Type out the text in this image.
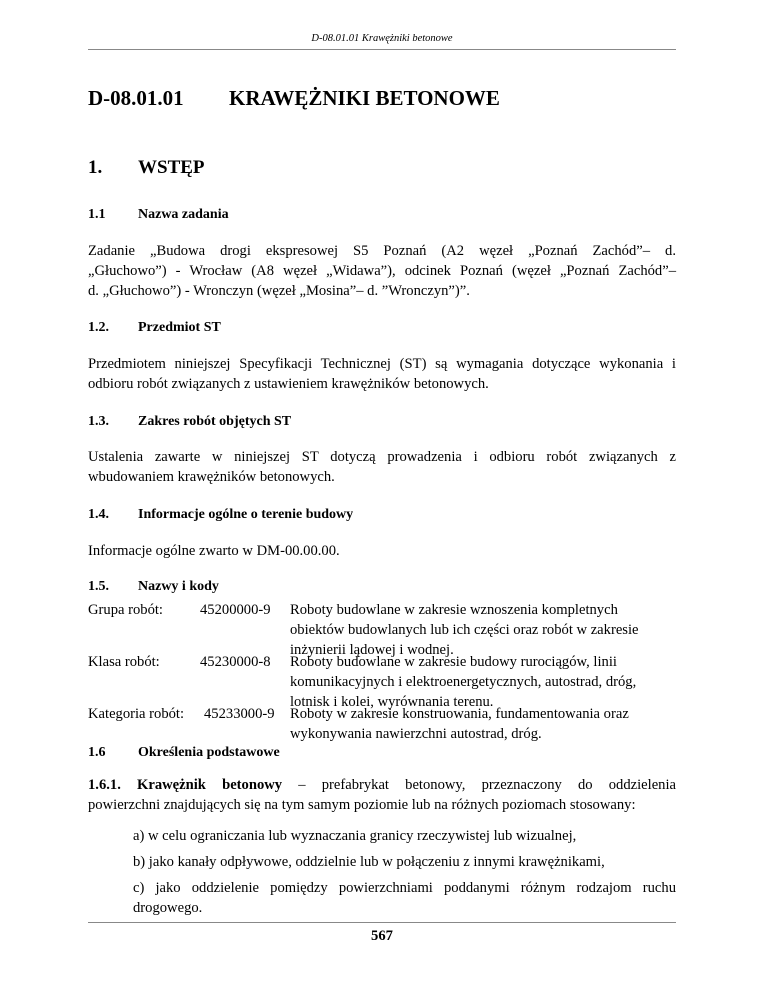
D-08.01.01 Krawężniki betonowe
D-08.01.01 KRAWĘŻNIKI BETONOWE
1. WSTĘP
1.1 Nazwa zadania
Zadanie „Budowa drogi ekspresowej S5 Poznań (A2 węzeł „Poznań Zachód”– d.
„Głuchowo”) - Wrocław (A8 węzeł „Widawa”), odcinek Poznań (węzeł „Poznań Zachód”–
d. „Głuchowo”) - Wronczyn (węzeł „Mosina”– d. ”Wronczyn”)”.
1.2. Przedmiot ST
Przedmiotem niniejszej Specyfikacji Technicznej (ST) są wymagania dotyczące wykonania i
odbioru robót związanych z ustawieniem krawężników betonowych.
1.3. Zakres robót objętych ST
Ustalenia zawarte w niniejszej ST dotyczą prowadzenia i odbioru robót związanych z
wbudowaniem krawężników betonowych.
1.4. Informacje ogólne o terenie budowy
Informacje ogólne zwarto w DM-00.00.00.
1.5. Nazwy i kody
Grupa robót:	45200000-9 Roboty budowlane w zakresie wznoszenia kompletnych
obiektów budowlanych lub ich części oraz robót w zakresie
inżynierii lądowej i wodnej.
Klasa robót:	45230000-8 Roboty budowlane w zakresie budowy rurociągów, linii
komunikacyjnych i elektroenergetycznych, autostrad, dróg,
lotnisk i kolei, wyrównania terenu.
Kategoria robót: 45233000-9 Roboty w zakresie konstruowania, fundamentowania oraz
wykonywania nawierzchni autostrad, dróg.
1.6 Określenia podstawowe
1.6.1. Krawężnik betonowy – prefabrykat betonowy, przeznaczony do oddzielenia
powierzchni znajdujących się na tym samym poziomie lub na różnych poziomach stosowany:
a) w celu ograniczania lub wyznaczania granicy rzeczywistej lub wizualnej,
567
b) jako kanały odpływowe, oddzielnie lub w połączeniu z innymi krawężnikami,
c) jako oddzielenie pomiędzy powierzchniami poddanymi różnym rodzajom ruchu
drogowego.
